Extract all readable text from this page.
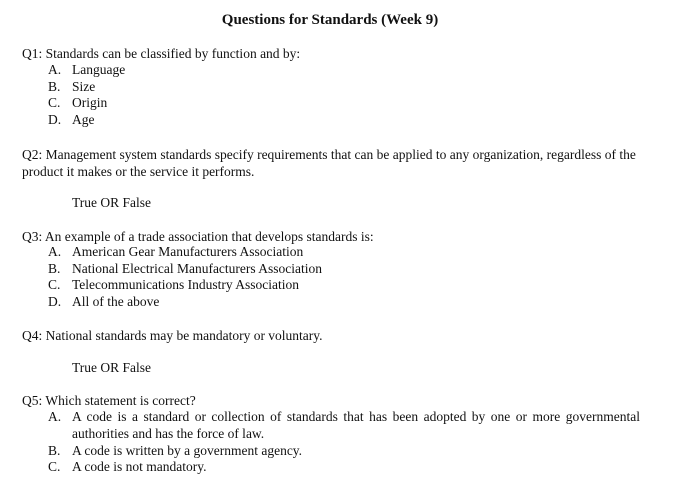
Questions for Standards (Week 9)
Q1: Standards can be classified by function and by:
A. Language
B. Size
C. Origin
D. Age
Q2: Management system standards specify requirements that can be applied to any organization, regardless of the product it makes or the service it performs.
True OR False
Q3: An example of a trade association that develops standards is:
A. American Gear Manufacturers Association
B. National Electrical Manufacturers Association
C. Telecommunications Industry Association
D. All of the above
Q4: National standards may be mandatory or voluntary.
True OR False
Q5: Which statement is correct?
A. A code is a standard or collection of standards that has been adopted by one or more governmental authorities and has the force of law.
B. A code is written by a government agency.
C. A code is not mandatory.
